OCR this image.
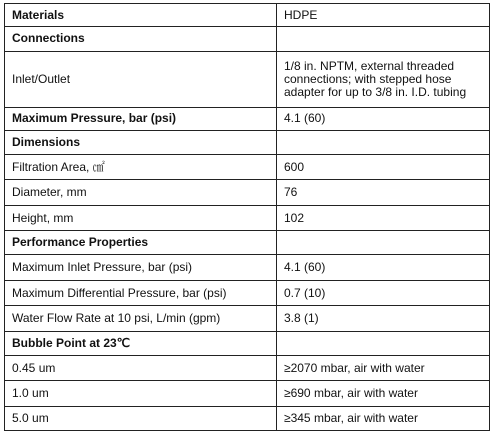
Materials	HDPE
Connections	
Inlet/Outlet	1/8 in. NPTM, external threaded
connections; with stepped hose
adapter for up to 3/8 in. I.D. tubing

Maximum Pressure, bar (psi)	4.1 (60)
Dimensions	
Filtration Area, ㎠	600
Diameter, mm	76
Height, mm	102
Performance Properties	
Maximum Inlet Pressure, bar (psi)	4.1 (60)
Maximum Differential Pressure, bar (psi)	0.7 (10)
Water Flow Rate at 10 psi, L/min (gpm)	3.8 (1)
Bubble Point at 23℃	
0.45 um	≥2070 mbar, air with water
1.0 um	≥690 mbar, air with water
5.0 um	≥345 mbar, air with water
